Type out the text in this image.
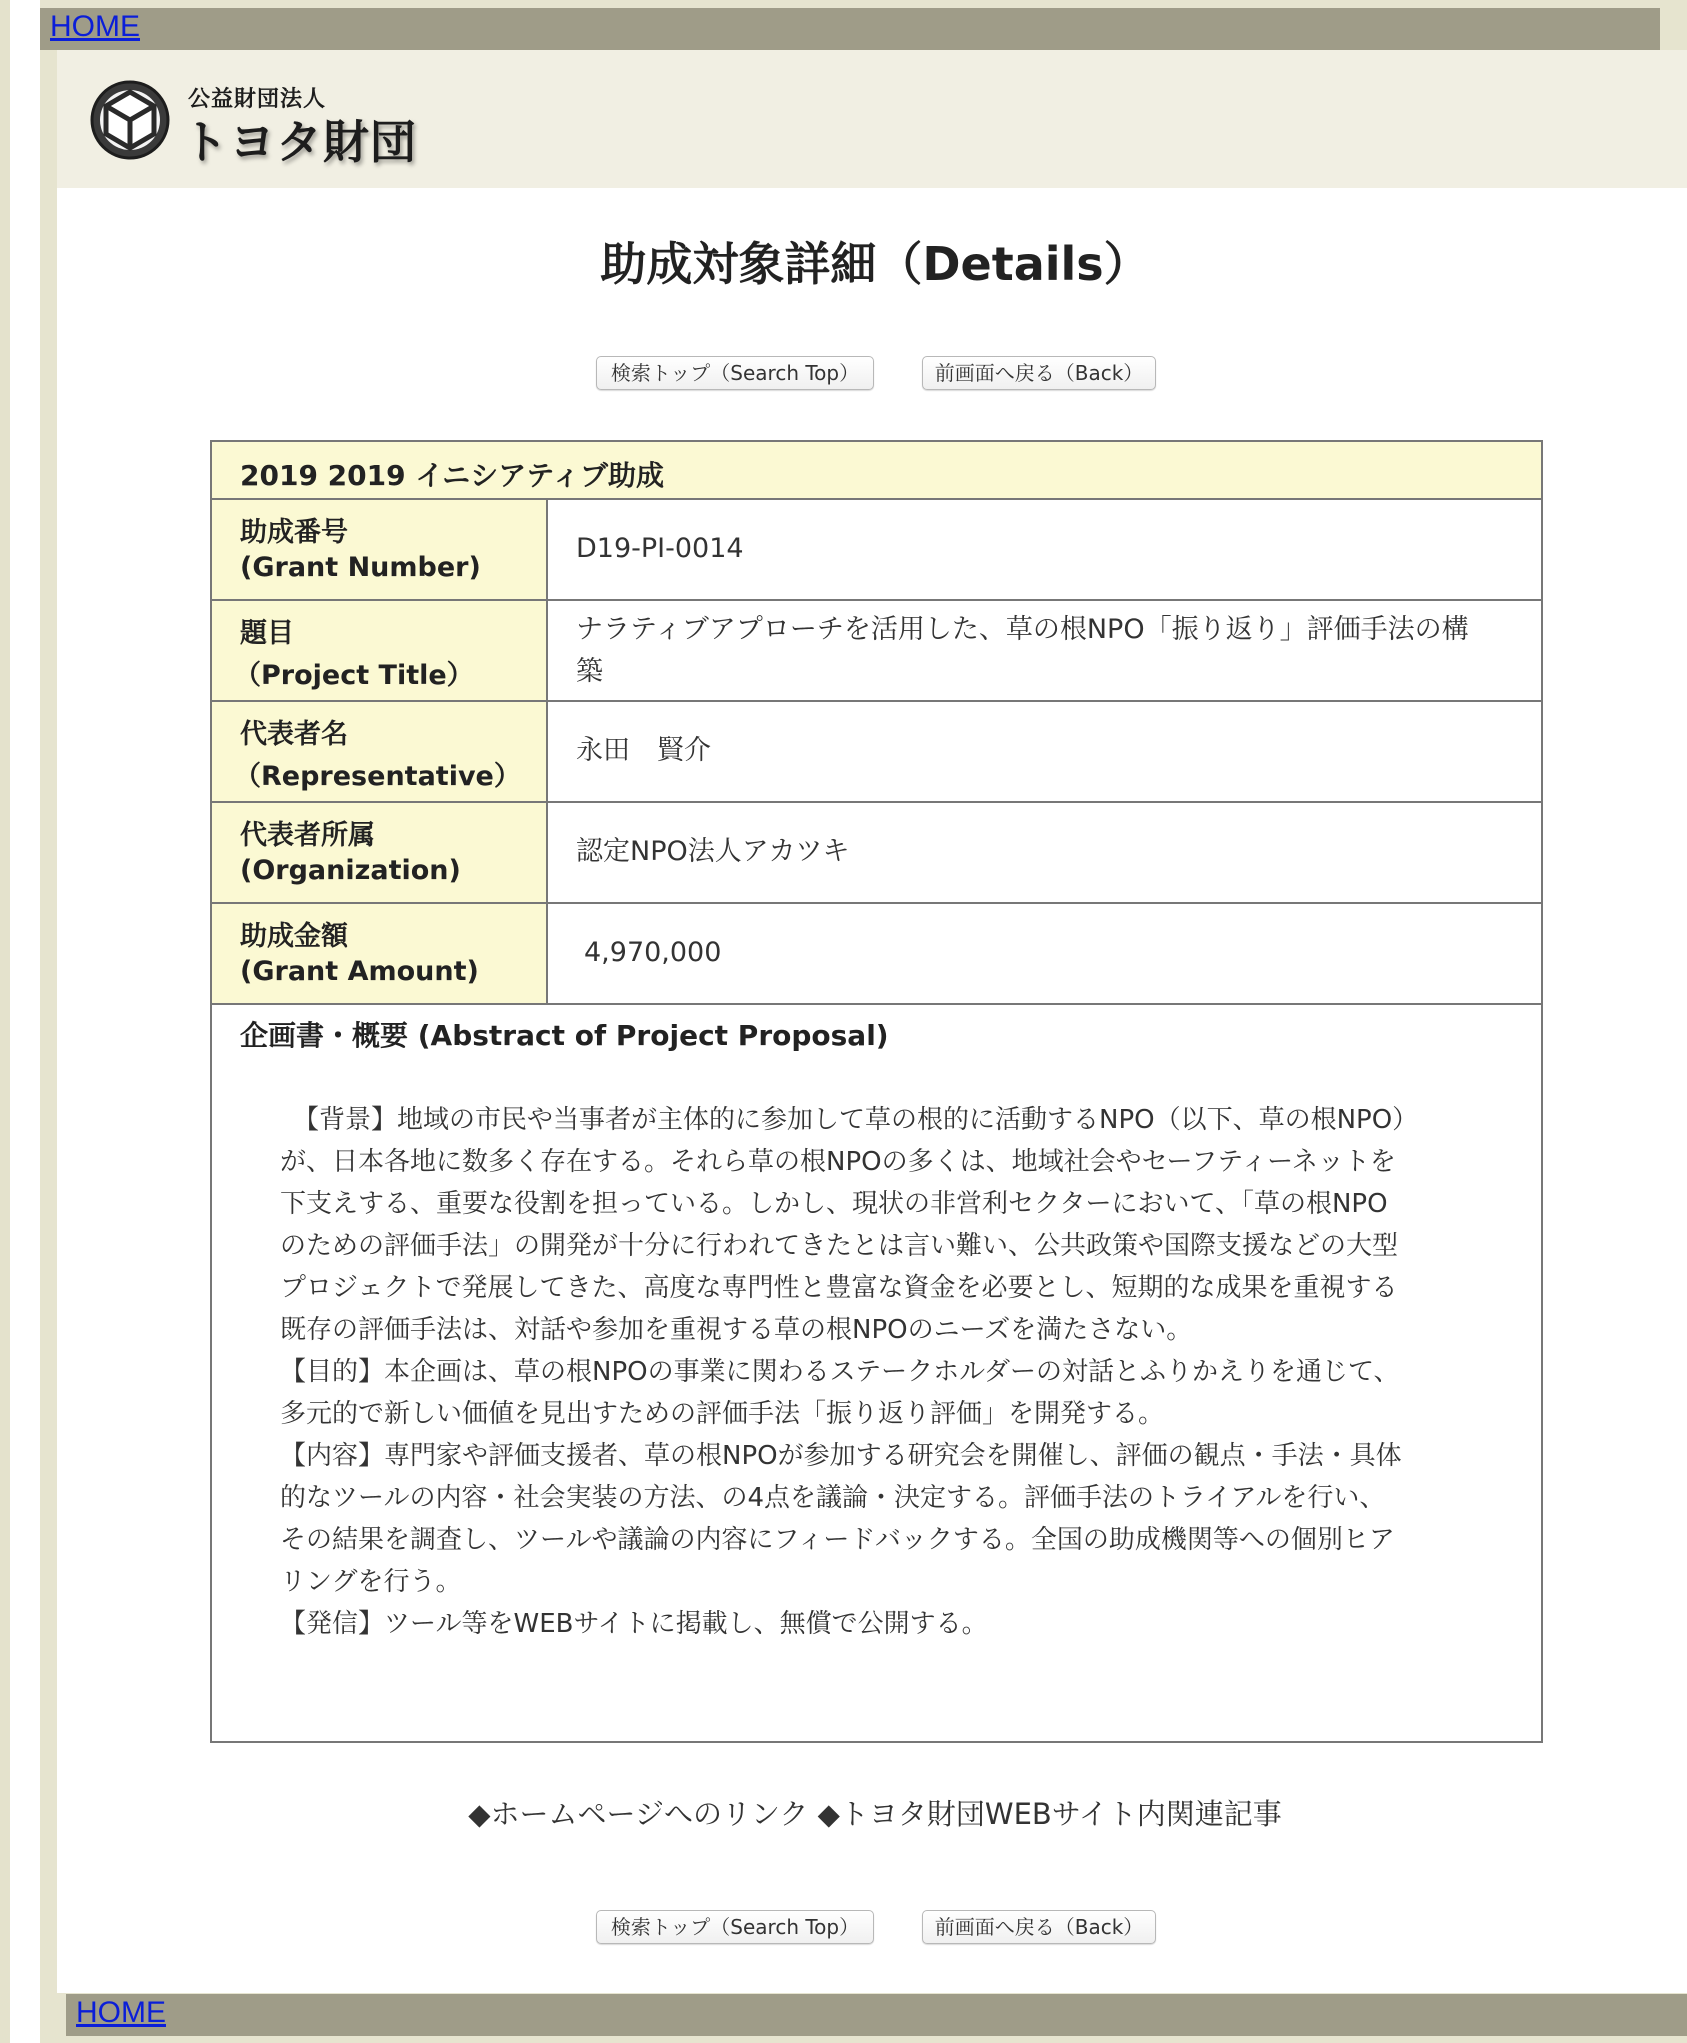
HOME
公益財団法人
トヨタ財団
助成対象詳細（Details）
検索トップ（Search Top）	前画面へ戻る（Back）
2019 2019 イニシアティブ助成
助成番号
(Grant Number)
D19-PI-0014
題目
（Project Title）
ナラティブアプローチを活用した、草の根NPO「振り返り」評価手法の構
築
代表者名
（Representative）
永田　賢介
代表者所属
(Organization)
認定NPO法人アカツキ
助成金額
(Grant Amount)
4,970,000
企画書・概要 (Abstract of Project Proposal)

　【背景】地域の市民や当事者が主体的に参加して草の根的に活動するNPO（以下、草の根NPO）

が、日本各地に数多く存在する。それら草の根NPOの多くは、地域社会やセーフティーネットを

下支えする、重要な役割を担っている。しかし、現状の非営利セクターにおいて、「草の根NPO

のための評価手法」の開発が十分に行われてきたとは言い難い、公共政策や国際支援などの大型

プロジェクトで発展してきた、高度な専門性と豊富な資金を必要とし、短期的な成果を重視する

既存の評価手法は、対話や参加を重視する草の根NPOのニーズを満たさない。

【目的】本企画は、草の根NPOの事業に関わるステークホルダーの対話とふりかえりを通じて、

多元的で新しい価値を見出すための評価手法「振り返り評価」を開発する。

【内容】専門家や評価支援者、草の根NPOが参加する研究会を開催し、評価の観点・手法・具体

的なツールの内容・社会実装の方法、の4点を議論・決定する。評価手法のトライアルを行い、

その結果を調査し、ツールや議論の内容にフィードバックする。全国の助成機関等への個別ヒア

リングを行う。

【発信】ツール等をWEBサイトに掲載し、無償で公開する。

◆ホームページへのリンク ◆トヨタ財団WEBサイト内関連記事
検索トップ（Search Top）	前画面へ戻る（Back）
HOME
